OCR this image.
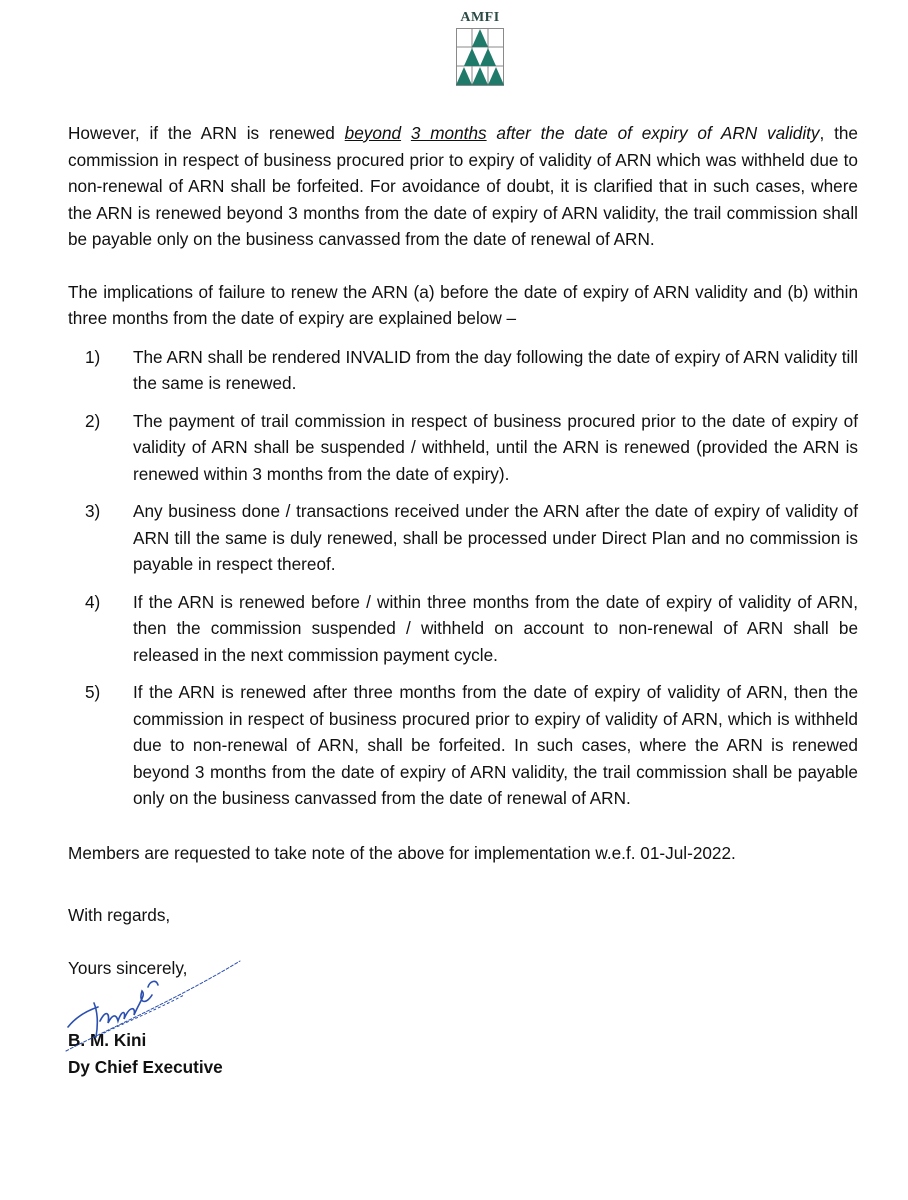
AMFI

However, if the ARN is renewed beyond 3 months after the date of expiry of ARN validity, the commission in respect of business procured prior to expiry of validity of ARN which was withheld due to non-renewal of ARN shall be forfeited. For avoidance of doubt, it is clarified that in such cases, where the ARN is renewed beyond 3 months from the date of expiry of ARN validity, the trail commission shall be payable only on the business canvassed from the date of renewal of ARN.

The implications of failure to renew the ARN (a) before the date of expiry of ARN validity and (b) within three months from the date of expiry are explained below –

1) The ARN shall be rendered INVALID from the day following the date of expiry of ARN validity till the same is renewed.
2) The payment of trail commission in respect of business procured prior to the date of expiry of validity of ARN shall be suspended / withheld, until the ARN is renewed (provided the ARN is renewed within 3 months from the date of expiry).
3) Any business done / transactions received under the ARN after the date of expiry of validity of ARN till the same is duly renewed, shall be processed under Direct Plan and no commission is payable in respect thereof.
4) If the ARN is renewed before / within three months from the date of expiry of validity of ARN, then the commission suspended / withheld on account to non-renewal of ARN shall be released in the next commission payment cycle.
5) If the ARN is renewed after three months from the date of expiry of validity of ARN, then the commission in respect of business procured prior to expiry of validity of ARN, which is withheld due to non-renewal of ARN, shall be forfeited. In such cases, where the ARN is renewed beyond 3 months from the date of expiry of ARN validity, the trail commission shall be payable only on the business canvassed from the date of renewal of ARN.

Members are requested to take note of the above for implementation w.e.f. 01-Jul-2022.

With regards,

Yours sincerely,

B. M. Kini

Dy Chief Executive
